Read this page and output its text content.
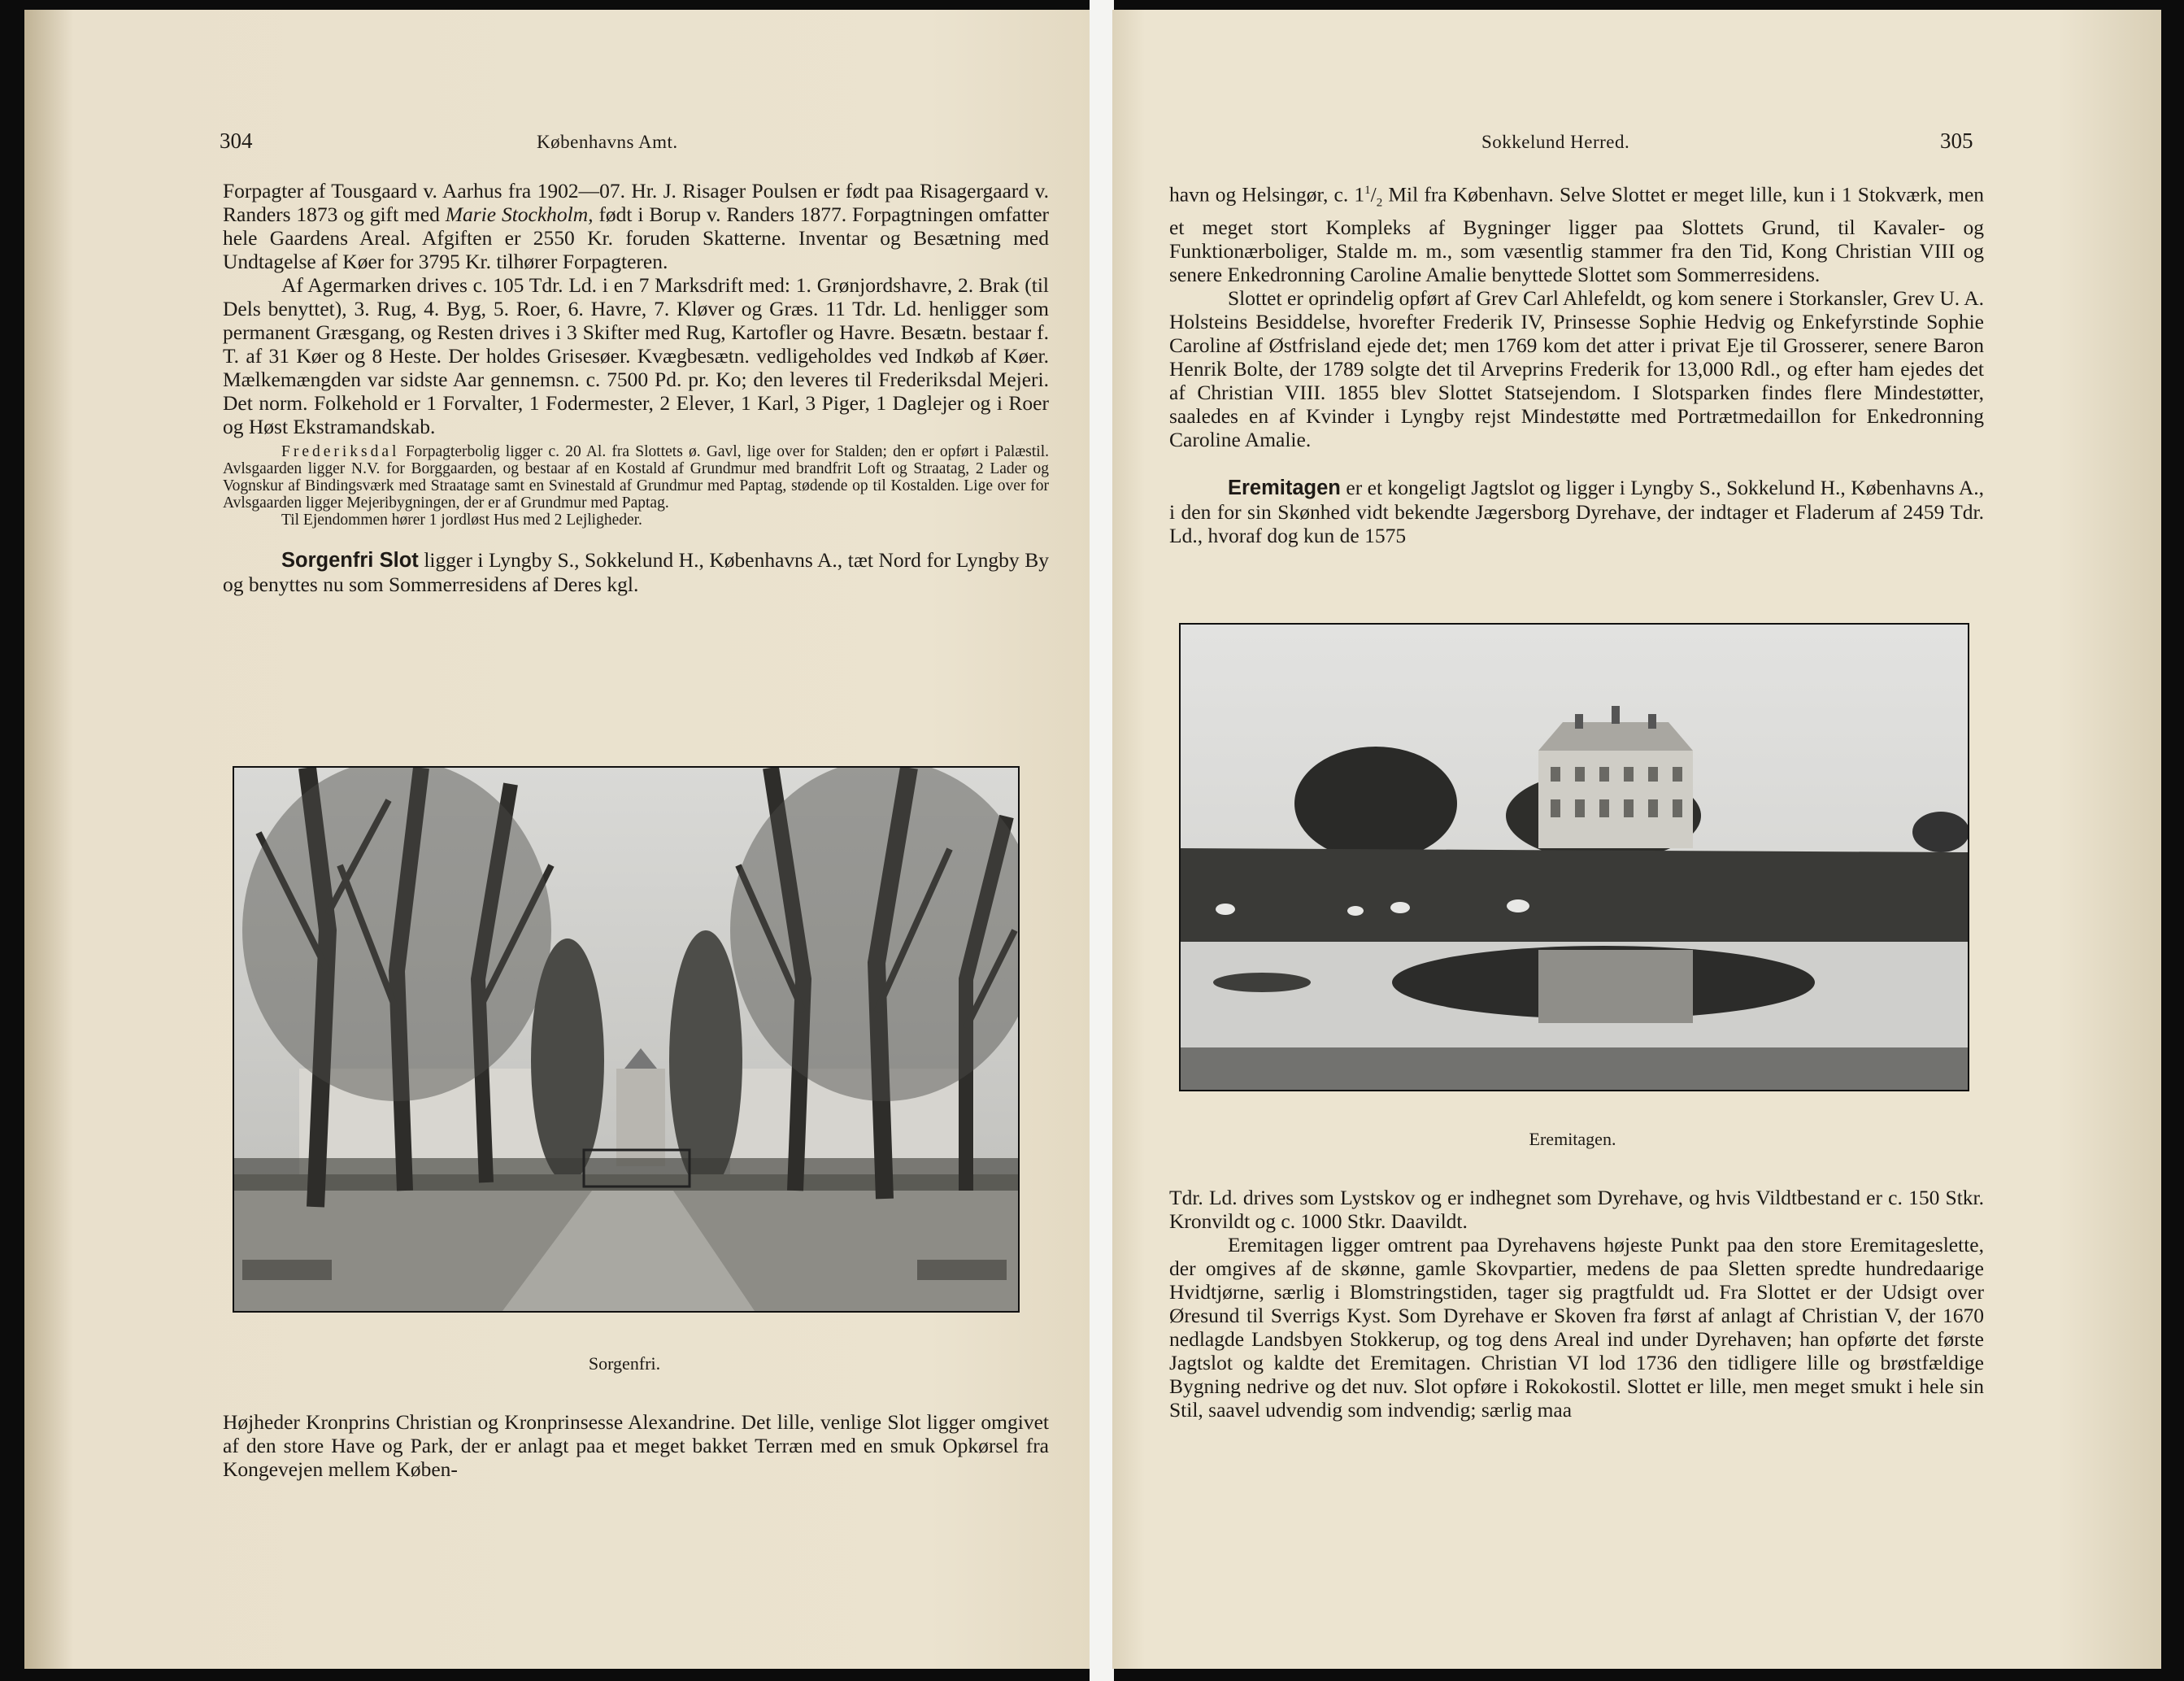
304	Københavns Amt.

Forpagter af Tousgaard v. Aarhus fra 1902—07. Hr. J. Risager Poulsen er født paa Risagergaard v. Randers 1873 og gift med Marie Stockholm, født i Borup v. Randers 1877. Forpagtningen omfatter hele Gaardens Areal. Afgiften er 2550 Kr. foruden Skatterne. Inventar og Besætning med Undtagelse af Køer for 3795 Kr. tilhører Forpagteren.

Af Agermarken drives c. 105 Tdr. Ld. i en 7 Marksdrift med: 1. Grønjordshavre, 2. Brak (til Dels benyttet), 3. Rug, 4. Byg, 5. Roer, 6. Havre, 7. Kløver og Græs. 11 Tdr. Ld. henligger som permanent Græsgang, og Resten drives i 3 Skifter med Rug, Kartofler og Havre. Besætn. bestaar f. T. af 31 Køer og 8 Heste. Der holdes Grisesøer. Kvægbesætn. vedligeholdes ved Indkøb af Køer. Mælkemængden var sidste Aar gennemsn. c. 7500 Pd. pr. Ko; den leveres til Frederiksdal Mejeri. Det norm. Folkehold er 1 Forvalter, 1 Fodermester, 2 Elever, 1 Karl, 3 Piger, 1 Daglejer og i Roer og Høst Ekstramandskab.

Frederiksdal Forpagterbolig ligger c. 20 Al. fra Slottets ø. Gavl, lige over for Stalden; den er opført i Palæstil. Avlsgaarden ligger N.V. for Borggaarden, og bestaar af en Kostald af Grundmur med brandfrit Loft og Straatag, 2 Lader og Vognskur af Bindingsværk med Straatage samt en Svinestald af Grundmur med Paptag, stødende op til Kostalden. Lige over for Avlsgaarden ligger Mejeribygningen, der er af Grundmur med Paptag.

Til Ejendommen hører 1 jordløst Hus med 2 Lejligheder.

Sorgenfri Slot ligger i Lyngby S., Sokkelund H., Københavns A., tæt Nord for Lyngby By og benyttes nu som Sommerresidens af Deres kgl.

Sorgenfri.

Højheder Kronprins Christian og Kronprinsesse Alexandrine. Det lille, venlige Slot ligger omgivet af den store Have og Park, der er anlagt paa et meget bakket Terræn med en smuk Opkørsel fra Kongevejen mellem Køben-

Sokkelund Herred.	305

havn og Helsingør, c. $1^1/_2$ Mil fra København. Selve Slottet er meget lille, kun i 1 Stokværk, men et meget stort Kompleks af Bygninger ligger paa Slottets Grund, til Kavaler- og Funktionærboliger, Stalde m. m., som væsentlig stammer fra den Tid, Kong Christian VIII og senere Enkedronning Caroline Amalie benyttede Slottet som Sommerresidens.

Slottet er oprindelig opført af Grev Carl Ahlefeldt, og kom senere i Storkansler, Grev U. A. Holsteins Besiddelse, hvorefter Frederik IV, Prinsesse Sophie Hedvig og Enkefyrstinde Sophie Caroline af Østfrisland ejede det; men 1769 kom det atter i privat Eje til Grosserer, senere Baron Henrik Bolte, der 1789 solgte det til Arveprins Frederik for 13,000 Rdl., og efter ham ejedes det af Christian VIII. 1855 blev Slottet Statsejendom. I Slotsparken findes flere Mindestøtter, saaledes en af Kvinder i Lyngby rejst Mindestøtte med Portrætmedaillon for Enkedronning Caroline Amalie.

Eremitagen er et kongeligt Jagtslot og ligger i Lyngby S., Sokkelund H., Københavns A., i den for sin Skønhed vidt bekendte Jægersborg Dyrehave, der indtager et Fladerum af 2459 Tdr. Ld., hvoraf dog kun de 1575

Eremitagen.

Tdr. Ld. drives som Lystskov og er indhegnet som Dyrehave, og hvis Vildtbestand er c. 150 Stkr. Kronvildt og c. 1000 Stkr. Daavildt.

Eremitagen ligger omtrent paa Dyrehavens højeste Punkt paa den store Eremitageslette, der omgives af de skønne, gamle Skovpartier, medens de paa Sletten spredte hundredaarige Hvidtjørne, særlig i Blomstringstiden, tager sig pragtfuldt ud. Fra Slottet er der Udsigt over Øresund til Sverrigs Kyst. Som Dyrehave er Skoven fra først af anlagt af Christian V, der 1670 nedlagde Landsbyen Stokkerup, og tog dens Areal ind under Dyrehaven; han opførte det første Jagtslot og kaldte det Eremitagen. Christian VI lod 1736 den tidligere lille og brøstfældige Bygning nedrive og det nuv. Slot opføre i Rokokostil. Slottet er lille, men meget smukt i hele sin Stil, saavel udvendig som indvendig; særlig maa
